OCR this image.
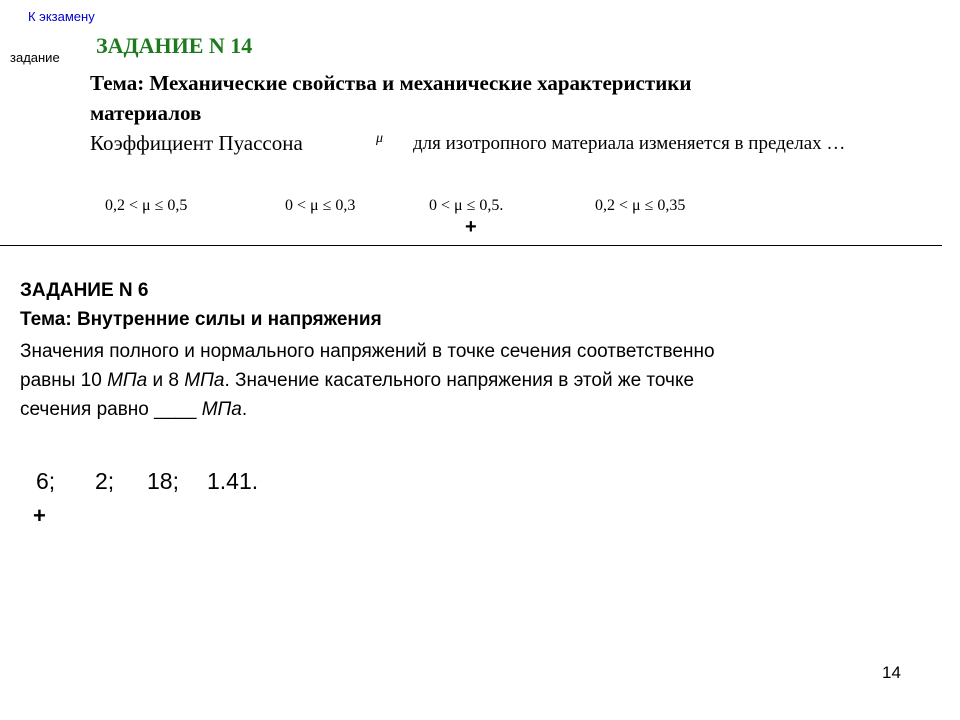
К экзамену
задание ЗАДАНИЕ N 14
Тема: Механические свойства и механические характеристики
материалов
Коэффициент Пуассона	μ для изотропного материала изменяется в пределах …
0,2 < μ ≤ 0,5	0 < μ ≤ 0,3	0 < μ ≤ 0,5.	0,2 < μ ≤ 0,35
+
ЗАДАНИЕ N 6
Тема: Внутренние силы и напряжения
Значения полного и нормального напряжений в точке сечения соответственно
равны 10 МПа и 8 МПа. Значение касательного напряжения в этой же точке
сечения равно ____ МПа.
6; 2; 18; 1.41.
+
14
